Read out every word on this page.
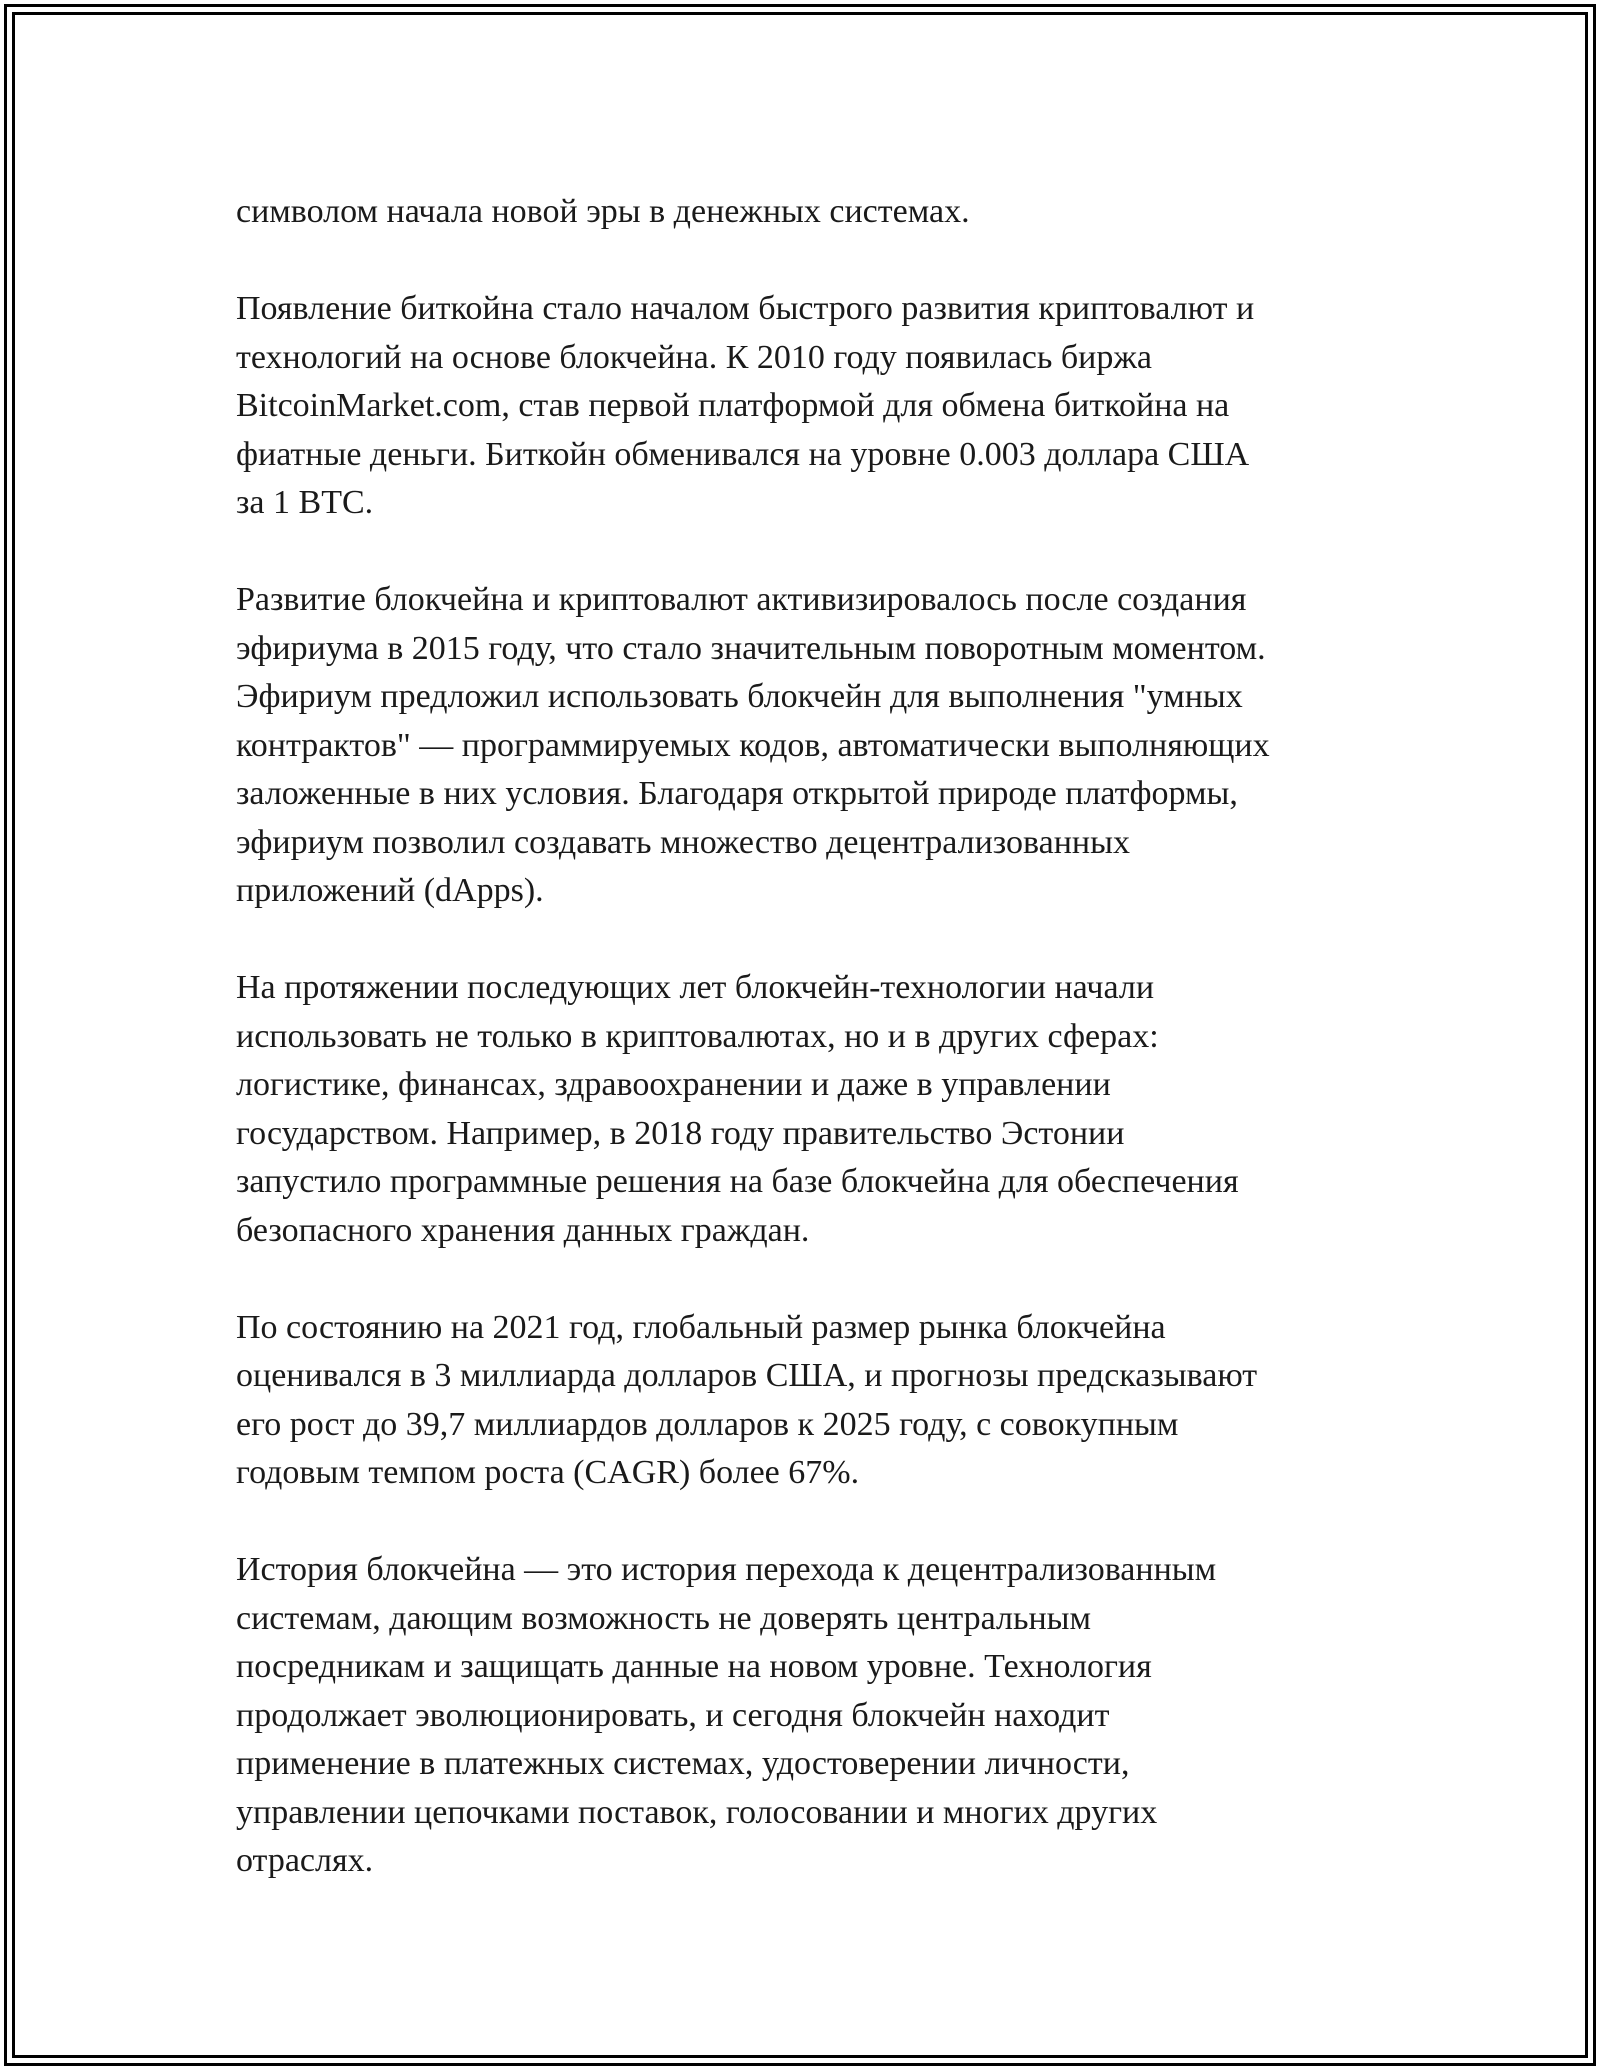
символом начала новой эры в денежных системах.

Появление биткойна стало началом быстрого развития криптовалют и
технологий на основе блокчейна. К 2010 году появилась биржа
BitcoinMarket.com, став первой платформой для обмена биткойна на
фиатные деньги. Биткойн обменивался на уровне 0.003 доллара США
за 1 BTC.

Развитие блокчейна и криптовалют активизировалось после создания
эфириума в 2015 году, что стало значительным поворотным моментом.
Эфириум предложил использовать блокчейн для выполнения "умных
контрактов" — программируемых кодов, автоматически выполняющих
заложенные в них условия. Благодаря открытой природе платформы,
эфириум позволил создавать множество децентрализованных
приложений (dApps).

На протяжении последующих лет блокчейн-технологии начали
использовать не только в криптовалютах, но и в других сферах:
логистике, финансах, здравоохранении и даже в управлении
государством. Например, в 2018 году правительство Эстонии
запустило программные решения на базе блокчейна для обеспечения
безопасного хранения данных граждан.

По состоянию на 2021 год, глобальный размер рынка блокчейна
оценивался в 3 миллиарда долларов США, и прогнозы предсказывают
его рост до 39,7 миллиардов долларов к 2025 году, с совокупным
годовым темпом роста (CAGR) более 67%.

История блокчейна — это история перехода к децентрализованным
системам, дающим возможность не доверять центральным
посредникам и защищать данные на новом уровне. Технология
продолжает эволюционировать, и сегодня блокчейн находит
применение в платежных системах, удостоверении личности,
управлении цепочками поставок, голосовании и многих других
отраслях.
